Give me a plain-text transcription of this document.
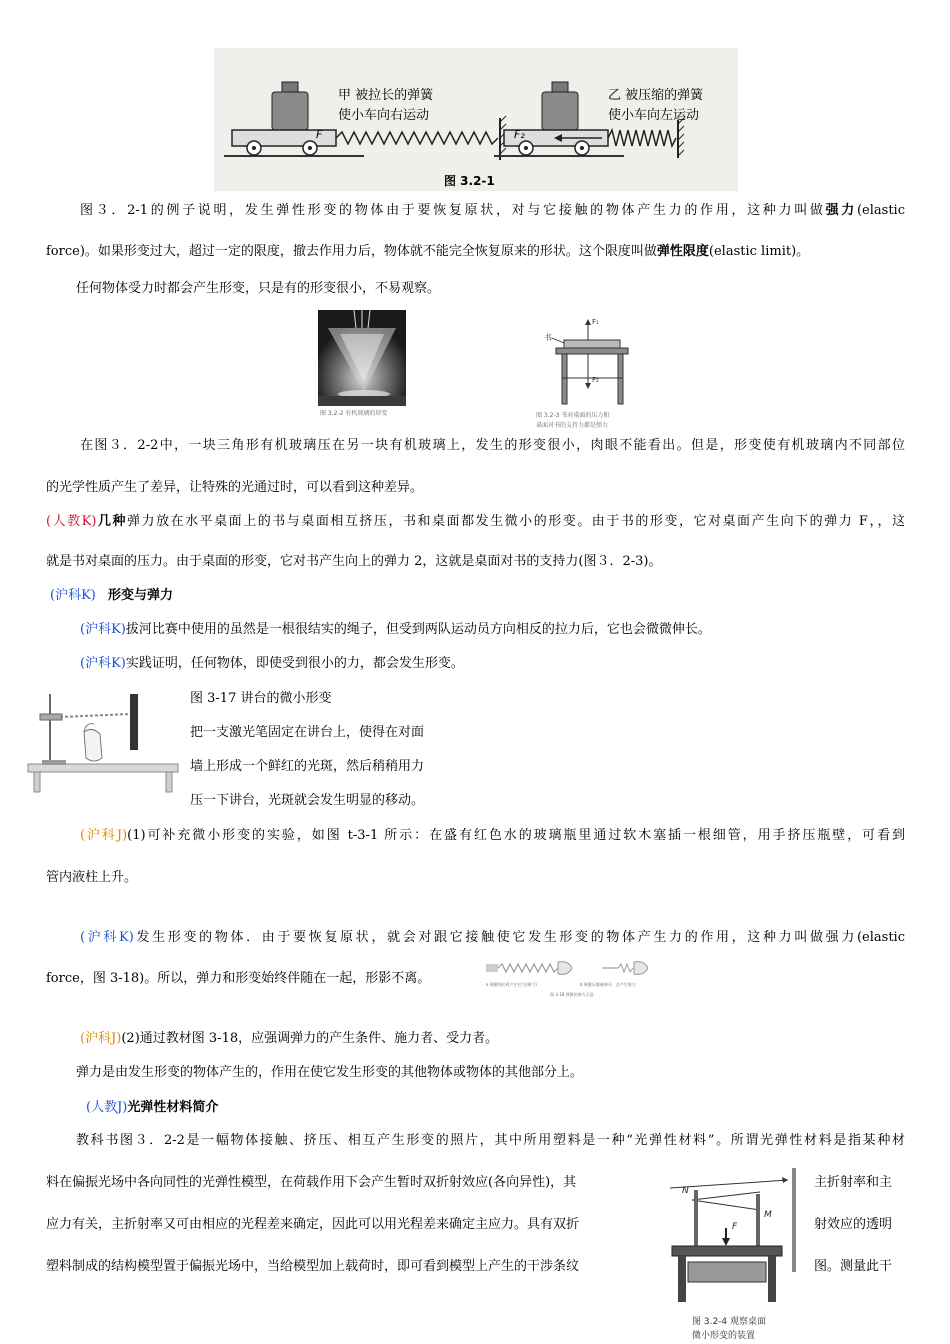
F	F₂
甲 被拉长的弹簧
使小车向右运动
乙 被压缩的弹簧
使小车向左运动
图 3.2-1
图３．2-1的例子说明，发生弹性形变的物体由于要恢复原状，对与它接触的物体产生力的作用，这种力叫做强力(elastic
force)。如果形变过大，超过一定的限度，撤去作用力后，物体就不能完全恢复原来的形状。这个限度叫做弹性限度(elastic limit)。
任何物体受力时都会产生形变，只是有的形变很小，不易观察。
图 3.2-2 有机玻璃的形变
书
F₁
F₂
图 3.2-3 书对桌面的压力和
桌面对书的支持力都是弹力
在图３．2-2中，一块三角形有机玻璃压在另一块有机玻璃上，发生的形变很小，肉眼不能看出。但是，形变使有机玻璃内不同部位
的光学性质产生了差异，让特殊的光通过时，可以看到这种差异。
(人教K)几种弹力放在水平桌面上的书与桌面相互挤压，书和桌面都发生微小的形变。由于书的形变，它对桌面产生向下的弹力 F，，这
就是书对桌面的压力。由于桌面的形变，它对书产生向上的弹力 2，这就是桌面对书的支持力(图３．2-3)。
(沪科K) 形变与弹力
(沪科K)拔河比赛中使用的虽然是一根很结实的绳子，但受到两队运动员方向相反的拉力后，它也会微微伸长。
(沪科K)实践证明，任何物体，即使受到很小的力，都会发生形变。
图 3-17 讲台的微小形变
把一支激光笔固定在讲台上，使得在对面
墙上形成一个鲜红的光斑，然后稍稍用力
压一下讲台，光斑就会发生明显的移动。
(沪科J)(1)可补充微小形变的实验，如图 t-3-1 所示：在盛有红色水的玻璃瓶里通过软木塞插一根细管，用手挤压瓶壁，可看到
管内液柱上升。
(沪科K)发生形变的物体．由于要恢复原状，就会对跟它接触使它发生形变的物体产生力的作用，这种力叫做强力(elastic
force，图 3-18)。所以，弹力和形变始终伴随在一起，形影不离。	a 弹簧伸长时产生拉力(弹力)	b 弹簧压缩被弹开，会产生推力
图 3-18 弹簧的弹力示意
(沪科J)(2)通过教材图 3-18，应强调弹力的产生条件、施力者、受力者。
弹力是由发生形变的物体产生的，作用在使它发生形变的其他物体或物体的其他部分上。
(人教J)光弹性材料简介
教科书图３．2-2是一幅物体接触、挤压、相互产生形变的照片，其中所用塑料是一种“光弹性材料”。所谓光弹性材料是指某种材
料在偏振光场中各向同性的光弹性模型，在荷载作用下会产生暂时双折射效应(各向异性)，其	主折射率和主
应力有关，主折射率又可由相应的光程差来确定，因此可以用光程差来确定主应力。具有双折	射效应的透明
塑料制成的结构模型置于偏振光场中，当给模型加上载荷时，即可看到模型上产生的干涉条纹	图。测量此干
N
M
F
图 3.2-4 观察桌面
微小形变的装置
